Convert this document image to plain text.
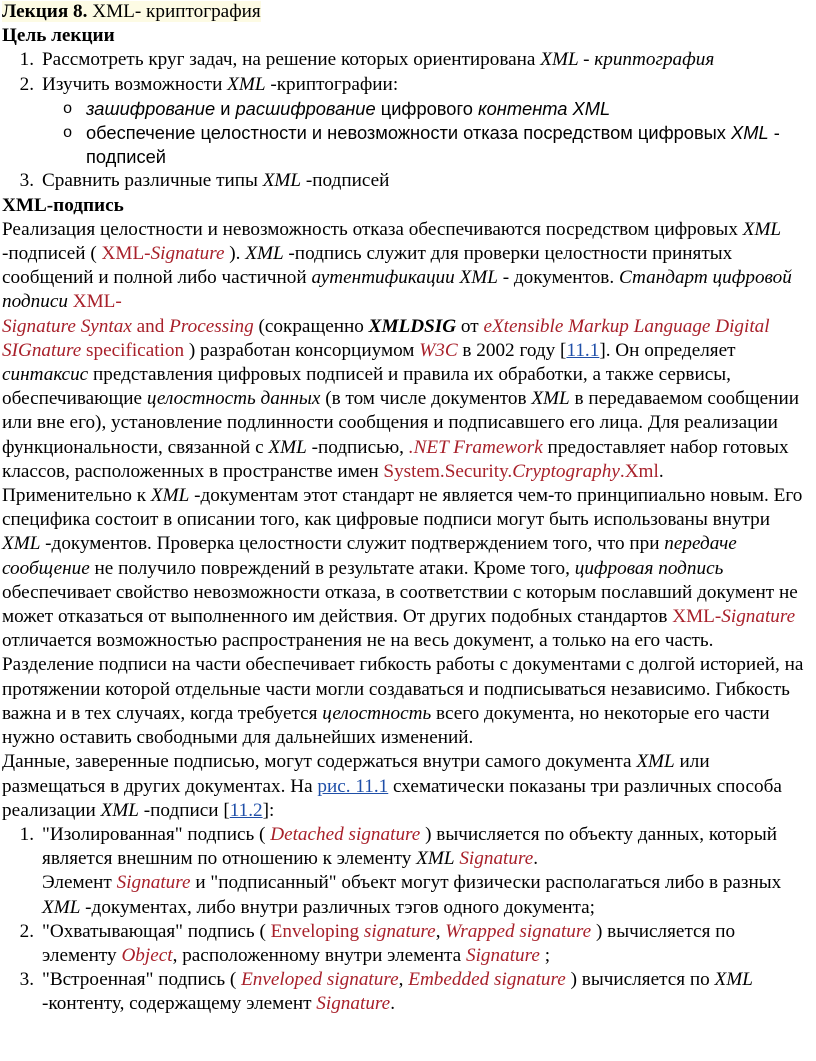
Лекция 8. XML- криптография

Цель лекции

1. Рассмотреть круг задач, на решение которых ориентирована XML - криптография
2. Изучить возможности XML -криптографии:
o зашифрование и расшифрование цифрового контента XML
o обеспечение целостности и невозможности отказа посредством цифровых XML - подписей
3. Сравнить различные типы XML -подписей

XML-подпись

Реализация целостности и невозможность отказа обеспечиваются посредством цифровых XML -подписей ( XML-Signature ). XML -подпись служит для проверки целостности принятых сообщений и полной либо частичной аутентификации XML - документов. Стандарт цифровой подписи XML-
Signature Syntax and Processing (сокращенно XMLDSIG от eXtensible Markup Language Digital SIGnature specification ) разработан консорциумом W3C в 2002 году [11.1]. Он определяет синтаксис представления цифровых подписей и правила их обработки, а также сервисы, обеспечивающие целостность данных (в том числе документов XML в передаваемом сообщении или вне его), установление подлинности сообщения и подписавшего его лица. Для реализации функциональности, связанной с XML -подписью, .NET Framework предоставляет набор готовых классов, расположенных в пространстве имен System.Security.Cryptography.Xml.

Применительно к XML -документам этот стандарт не является чем-то принципиально новым. Его специфика состоит в описании того, как цифровые подписи могут быть использованы внутри XML -документов. Проверка целостности служит подтверждением того, что при передаче сообщение не получило повреждений в результате атаки. Кроме того, цифровая подпись обеспечивает свойство невозможности отказа, в соответствии с которым пославший документ не может отказаться от выполненного им действия. От других подобных стандартов XML-Signature отличается возможностью распространения не на весь документ, а только на его часть. Разделение подписи на части обеспечивает гибкость работы с документами с долгой историей, на протяжении которой отдельные части могли создаваться и подписываться независимо. Гибкость важна и в тех случаях, когда требуется целостность всего документа, но некоторые его части нужно оставить свободными для дальнейших изменений.

Данные, заверенные подписью, могут содержаться внутри самого документа XML или размещаться в других документах. На рис. 11.1 схематически показаны три различных способа реализации XML -подписи [11.2]:

1. "Изолированная" подпись ( Detached signature ) вычисляется по объекту данных, который является внешним по отношению к элементу XML Signature.
Элемент Signature и "подписанный" объект могут физически располагаться либо в разных XML -документах, либо внутри различных тэгов одного документа;
2. "Охватывающая" подпись ( Enveloping signature, Wrapped signature ) вычисляется по элементу Object, расположенному внутри элемента Signature ;
3. "Встроенная" подпись ( Enveloped signature, Embedded signature ) вычисляется по XML -контенту, содержащему элемент Signature.
